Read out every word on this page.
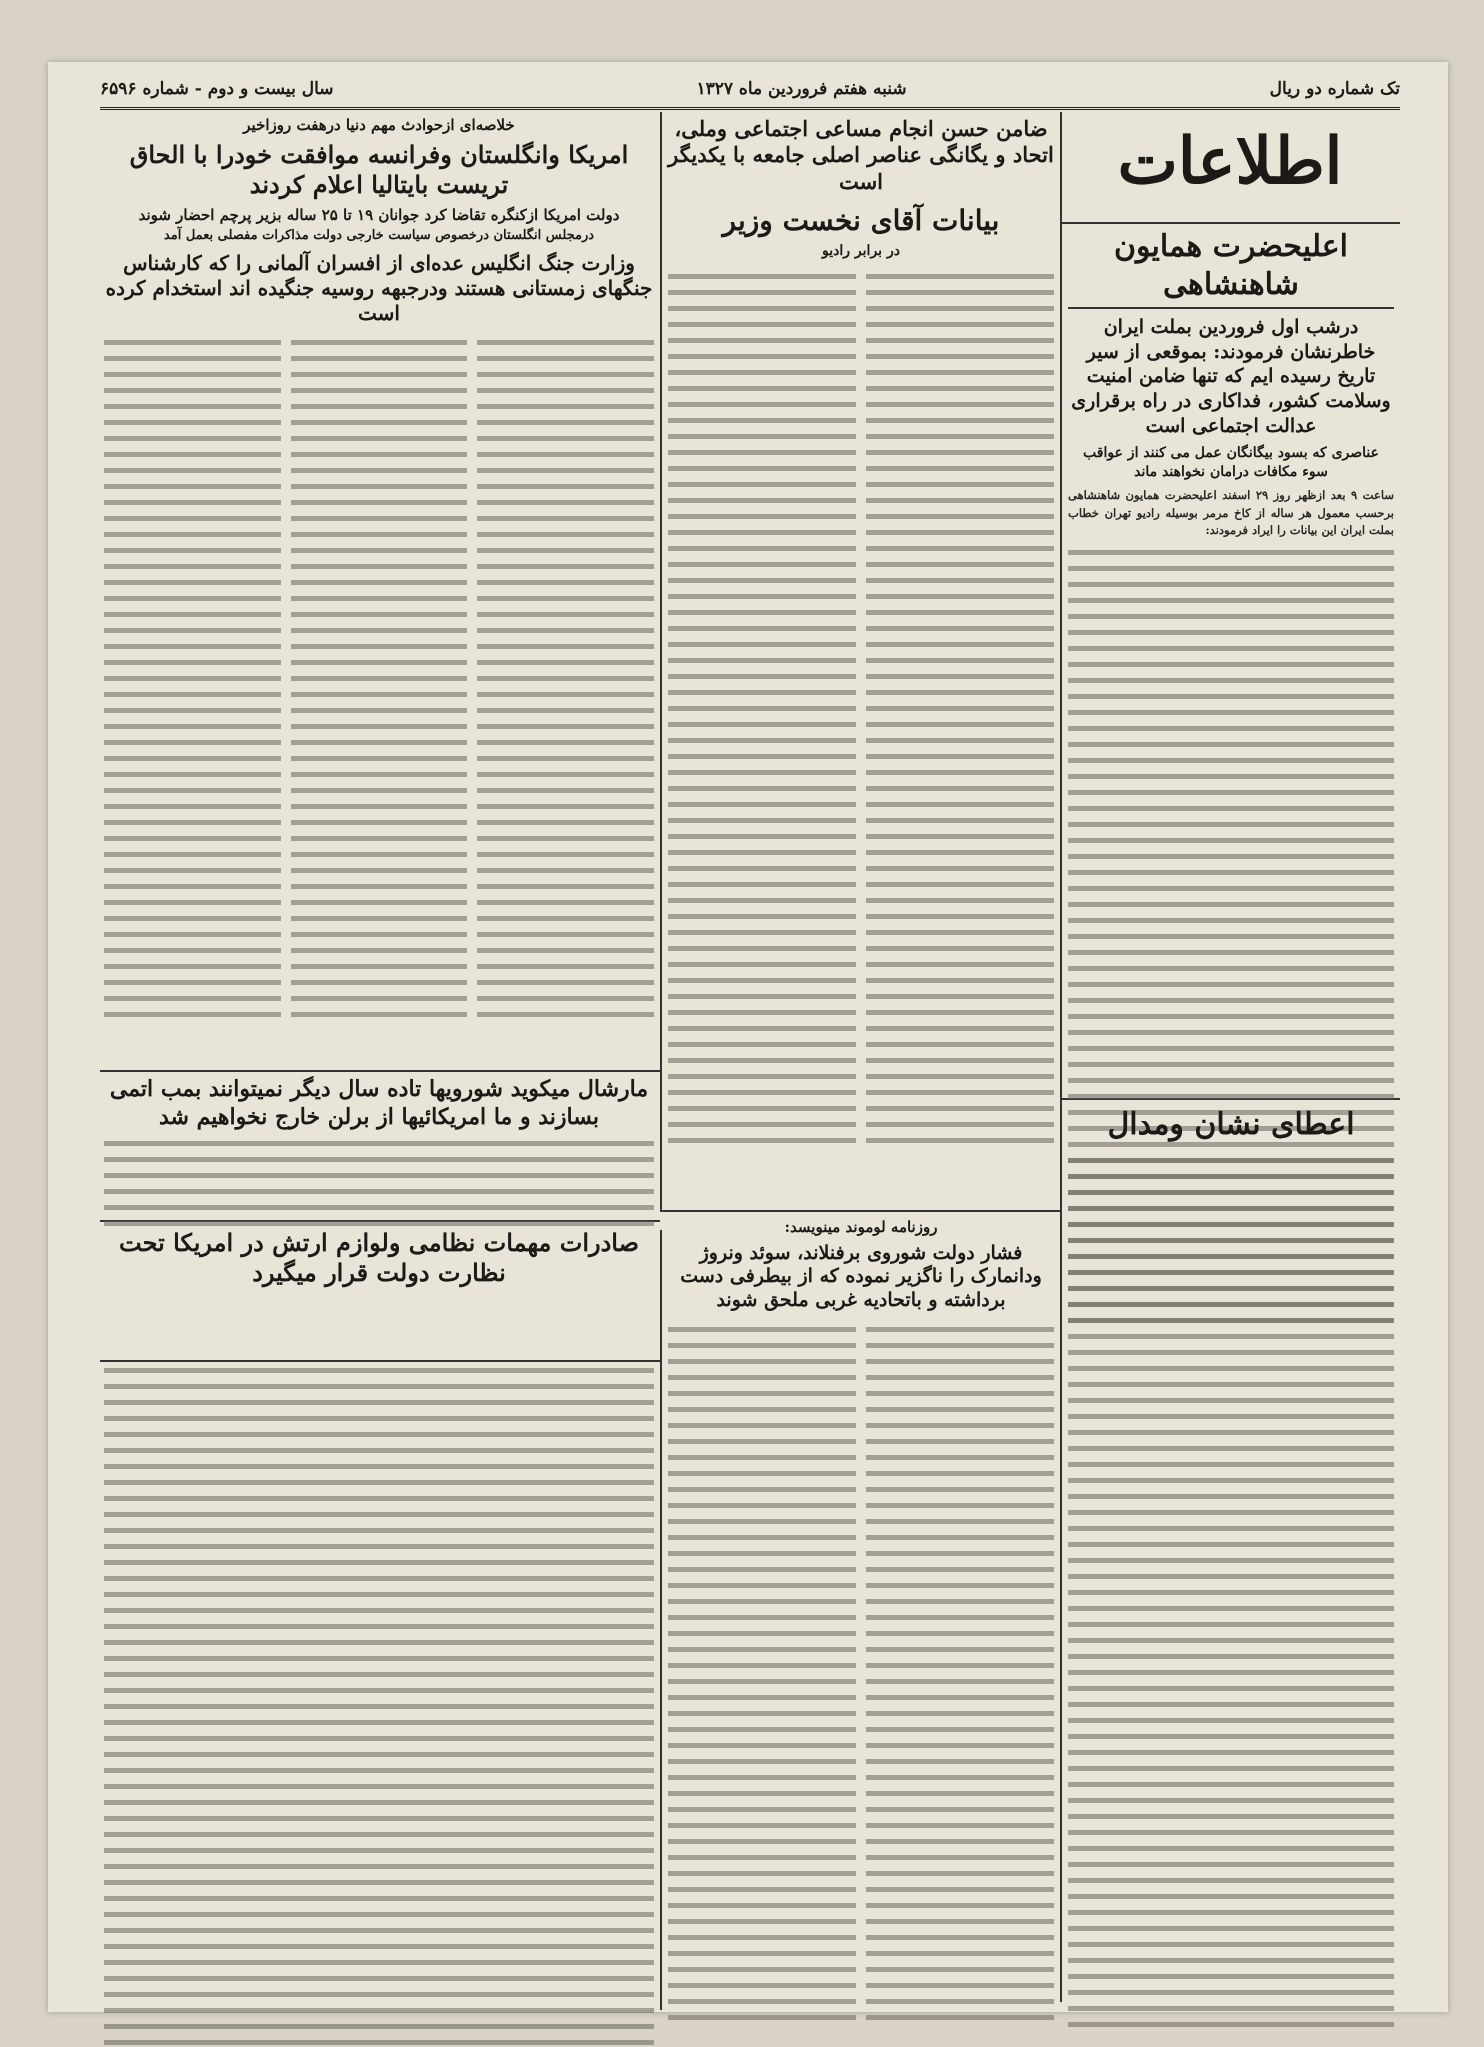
سال بیست و دوم - شماره ۶۵۹۶	شنبه هفتم فروردین ماه ۱۳۲۷	تک شماره دو ریال
اطلاعات
اعلیحضرت همایون شاهنشاهی
درشب اول فروردین بملت ایران خاطرنشان فرمودند: بموقعی از سیر تاریخ رسیده ایم که تنها ضامن امنیت وسلامت کشور، فداکاری در راه برقراری عدالت اجتماعی است
عناصری که بسود بیگانگان عمل می کنند از عواقب سوء مکافات درامان نخواهند ماند
ساعت ۹ بعد ازظهر روز ۲۹ اسفند اعلیحضرت همایون شاهنشاهی برحسب معمول هر ساله از کاخ مرمر بوسیله رادیو تهران خطاب بملت ایران این بیانات را ایراد فرمودند:
اعطای نشان ومدال
ضامن حسن انجام مساعی اجتماعی وملی، اتحاد و یگانگی عناصر اصلی جامعه با یکدیگر است
بیانات آقای نخست وزیر
در برابر رادیو
روزنامه لوموند مینویسد:
فشار دولت شوروی برفنلاند، سوئد ونروژ ودانمارک را ناگزیر نموده که از بیطرفی دست برداشته و باتحادیه غربی ملحق شوند
خلاصه‌ای ازحوادث مهم دنیا درهفت روزاخیر
امریکا وانگلستان وفرانسه موافقت خودرا با الحاق تریست بایتالیا اعلام کردند
دولت امریکا ازکنگره تقاضا کرد جوانان ۱۹ تا ۲۵ ساله بزیر پرچم احضار شوند
درمجلس انگلستان درخصوص سیاست خارجی دولت مذاکرات مفصلی بعمل آمد
وزارت جنگ انگلیس عده‌ای از افسران آلمانی را که کارشناس جنگهای زمستانی هستند ودرجبهه روسیه جنگیده اند استخدام کرده است
مارشال میکوید شورویها تاده سال دیگر نمیتوانند بمب اتمی بسازند و ما امریکائیها از برلن خارج نخواهیم شد
صادرات مهمات نظامی ولوازم ارتش در امریکا تحت نظارت دولت قرار میگیرد
